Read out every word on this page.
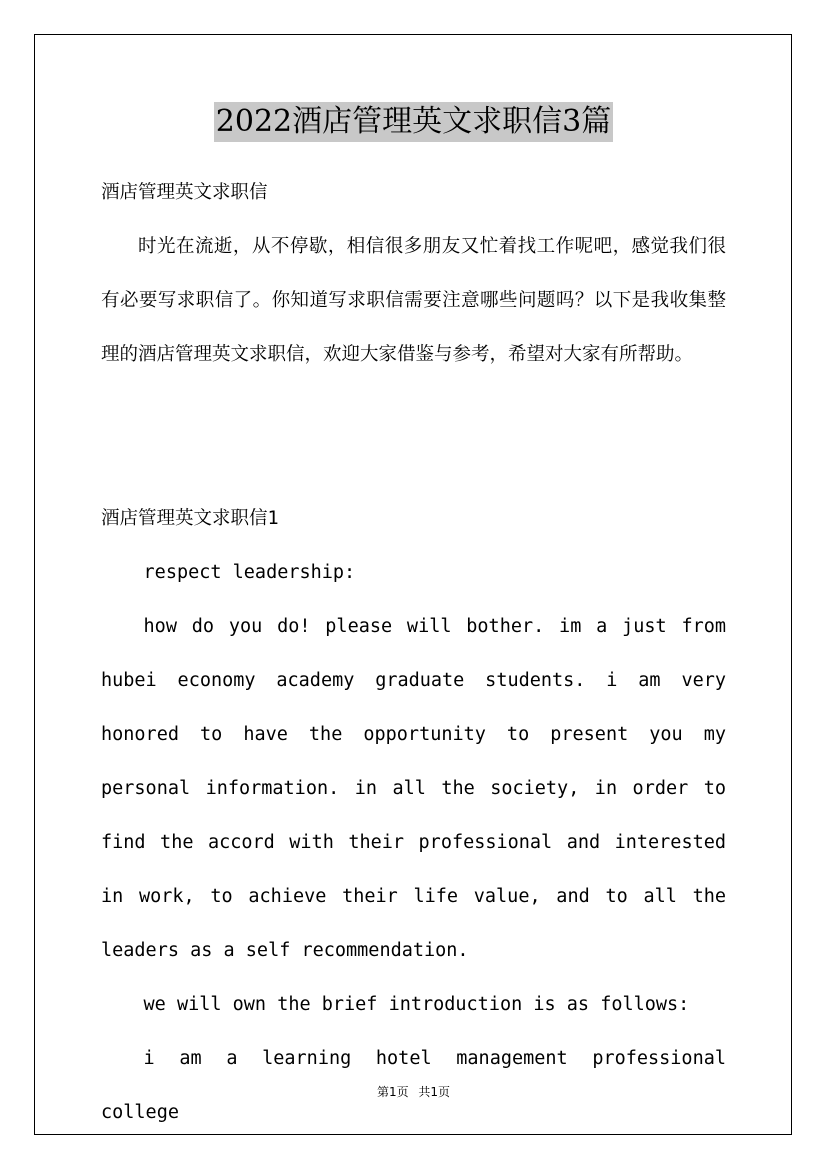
2022酒店管理英文求职信3篇
酒店管理英文求职信
时光在流逝，从不停歇，相信很多朋友又忙着找工作呢吧，感觉我们很有必要写求职信了。你知道写求职信需要注意哪些问题吗？以下是我收集整理的酒店管理英文求职信，欢迎大家借鉴与参考，希望对大家有所帮助。
酒店管理英文求职信1

respect leadership:

how do you do! please will bother. im a just from hubei economy academy graduate students. i am very honored to have the opportunity to present you my personal information. in all the society, in order to find the accord with their professional and interested in work, to achieve their life value, and to all the leaders as a self recommendation.

we will own the brief introduction is as follows:

i am a learning hotel management professional college

第1页 共1页
